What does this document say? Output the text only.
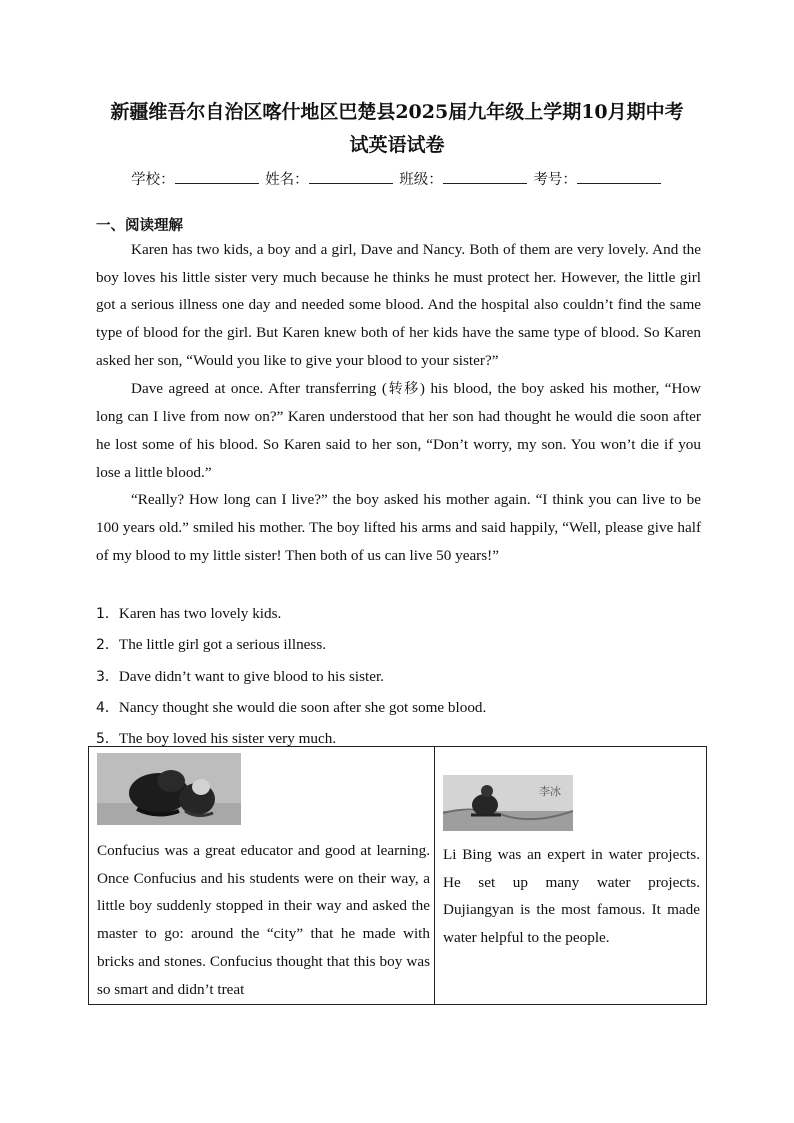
新疆维吾尔自治区喀什地区巴楚县2025届九年级上学期10月期中考
试英语试卷
学校：	姓名：	班级：	考号：
一、阅读理解

Karen has two kids, a boy and a girl, Dave and Nancy. Both of them are very lovely. And the boy loves his little sister very much because he thinks he must protect her. However, the little girl got a serious illness one day and needed some blood. And the hospital also couldn’t find the same type of blood for the girl. But Karen knew both of her kids have the same type of blood. So Karen asked her son, “Would you like to give your blood to your sister?”

Dave agreed at once. After transferring (转移) his blood, the boy asked his mother, “How long can I live from now on?” Karen understood that her son had thought he would die soon after he lost some of his blood. So Karen said to her son, “Don’t worry, my son. You won’t die if you lose a little blood.”

“Really? How long can I live?” the boy asked his mother again. “I think you can live to be 100 years old.” smiled his mother. The boy lifted his arms and said happily, “Well, please give half of my blood to my little sister! Then both of us can live 50 years!”

1．Karen has two lovely kids.
2．The little girl got a serious illness.
3．Dave didn’t want to give blood to his sister.
4．Nancy thought she would die soon after she got some blood.
5．The boy loved his sister very much.
Confucius was a great educator and good at learning. Once Confucius and his students were on their way, a little boy suddenly stopped in their way and asked the master to go: around the “city” that he made with bricks and stones. Confucius thought that this boy was so smart and didn’t treat
李冰
Li Bing was an expert in water projects. He set up many water projects. Dujiangyan is the most famous. It made water helpful to the people.
